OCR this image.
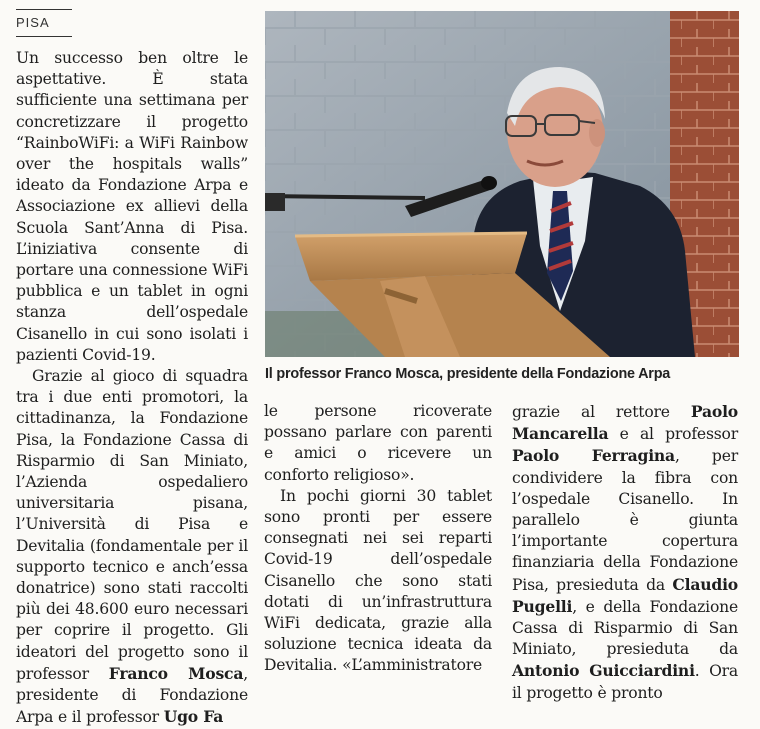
PISA

Un successo ben oltre le aspettative. È stata sufficiente una settimana per concretizzare il progetto “RainboWiFi: a WiFi Rainbow over the hospitals walls” ideato da Fondazione Arpa e Associazione ex allievi della Scuola Sant’Anna di Pisa. L’iniziativa consente di portare una connessione WiFi pubblica e un tablet in ogni stanza dell’ospedale Cisanello in cui sono isolati i pazienti Covid-19.

Grazie al gioco di squadra tra i due enti promotori, la cittadinanza, la Fondazione Pisa, la Fondazione Cassa di Risparmio di San Miniato, l’Azienda ospedaliero universitaria pisana, l’Università di Pisa e Devitalia (fondamentale per il supporto tecnico e anch’essa donatrice) sono stati raccolti più dei 48.600 euro necessari per coprire il progetto. Gli ideatori del progetto sono il professor Franco Mosca, presidente di Fondazione Arpa e il professor Ugo Fa

Il professor Franco Mosca, presidente della Fondazione Arpa

le persone ricoverate possano parlare con parenti e amici o ricevere un conforto religioso».

In pochi giorni 30 tablet sono pronti per essere consegnati nei sei reparti Covid-19 dell’ospedale Cisanello che sono stati dotati di un’infrastruttura WiFi dedicata, grazie alla soluzione tecnica ideata da Devitalia. «L’amministratore

grazie al rettore Paolo Mancarella e al professor Paolo Ferragina, per condividere la fibra con l’ospedale Cisanello. In parallelo è giunta l’importante copertura finanziaria della Fondazione Pisa, presieduta da Claudio Pugelli, e della Fondazione Cassa di Risparmio di San Miniato, presieduta da Antonio Guicciardini. Ora il progetto è pronto
